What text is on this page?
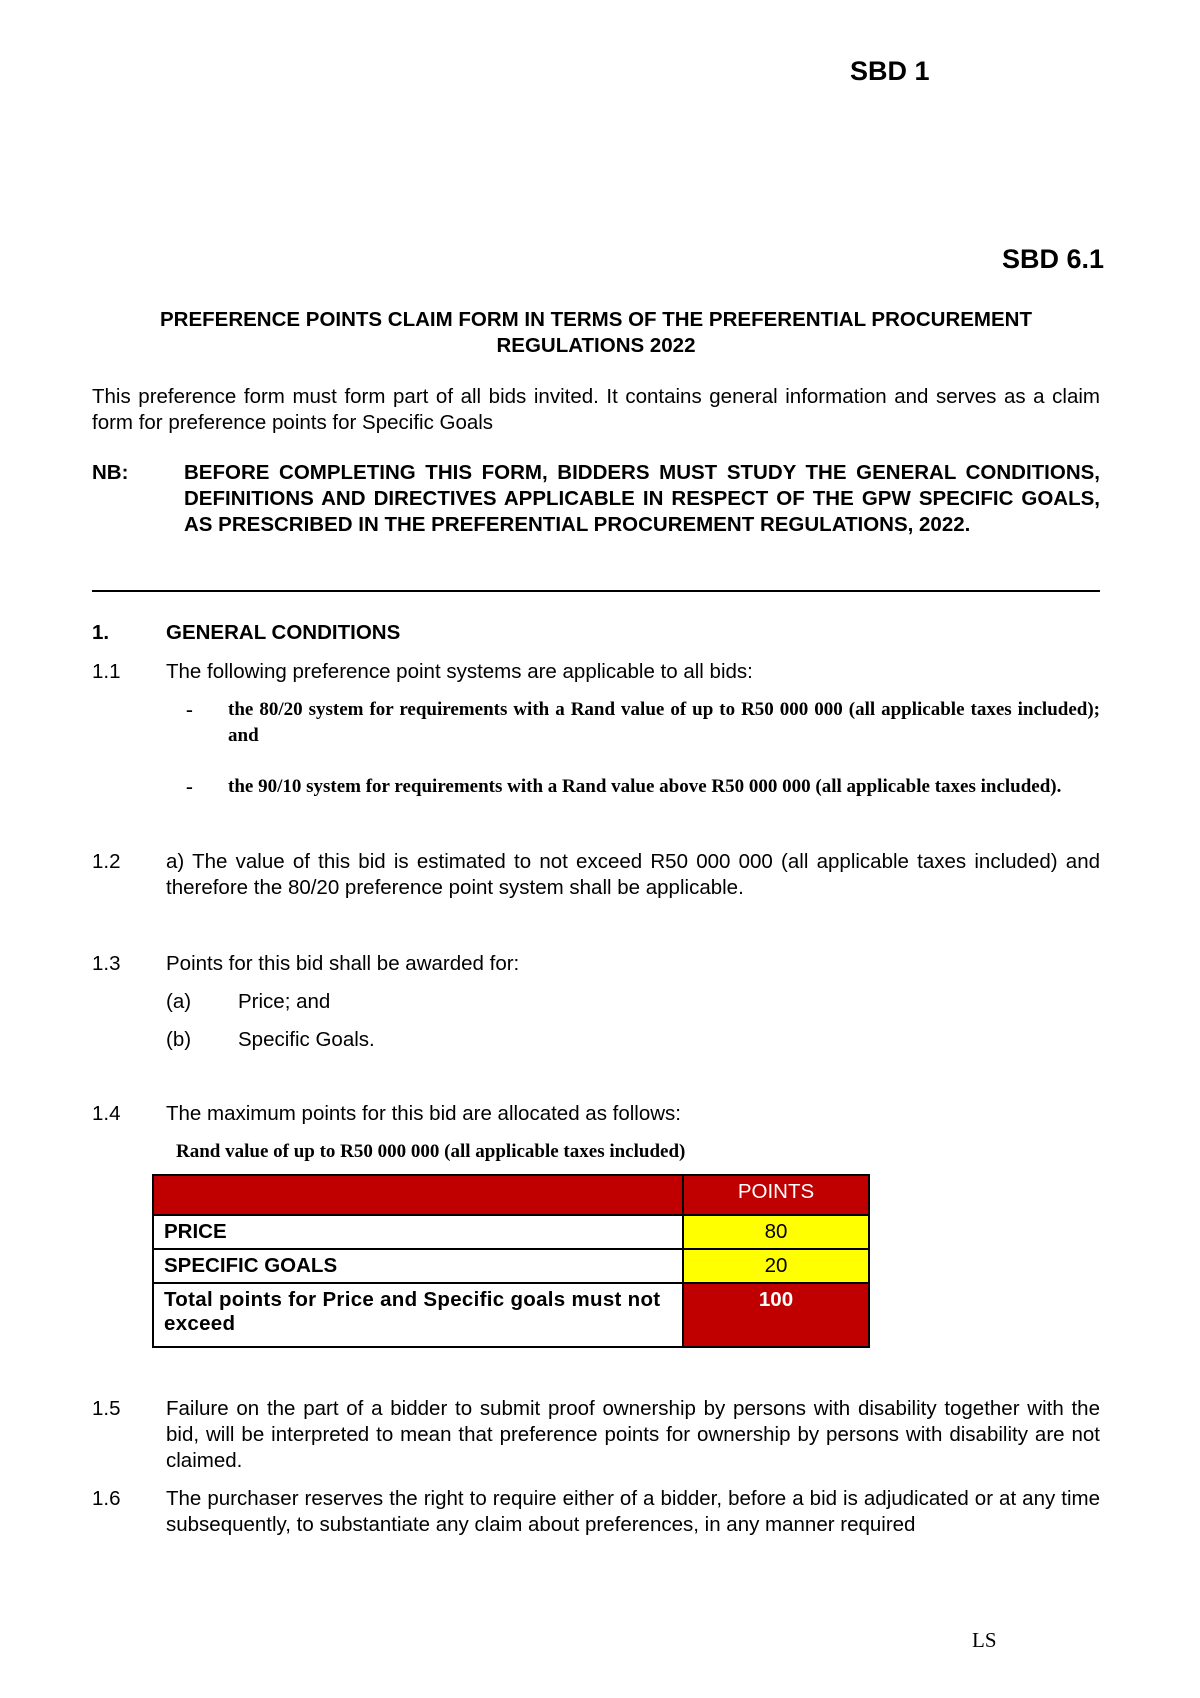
SBD 1
SBD 6.1
PREFERENCE POINTS CLAIM FORM IN TERMS OF THE PREFERENTIAL PROCUREMENT REGULATIONS 2022
This preference form must form part of all bids invited. It contains general information and serves as a claim form for preference points for Specific Goals
NB:	BEFORE COMPLETING THIS FORM, BIDDERS MUST STUDY THE GENERAL CONDITIONS, DEFINITIONS AND DIRECTIVES APPLICABLE IN RESPECT OF THE GPW SPECIFIC GOALS, AS PRESCRIBED IN THE PREFERENTIAL PROCUREMENT REGULATIONS, 2022.
1.	GENERAL CONDITIONS
1.1 The following preference point systems are applicable to all bids:
- the 80/20 system for requirements with a Rand value of up to R50 000 000 (all applicable taxes included); and
- the 90/10 system for requirements with a Rand value above R50 000 000 (all applicable taxes included).
1.2 a) The value of this bid is estimated to not exceed R50 000 000 (all applicable taxes included) and therefore the 80/20 preference point system shall be applicable.
1.3 Points for this bid shall be awarded for:
(a) Price; and
(b) Specific Goals.
1.4 The maximum points for this bid are allocated as follows:
Rand value of up to R50 000 000 (all applicable taxes included)
	POINTS
PRICE	80
SPECIFIC GOALS	20
Total points for Price and Specific goals must not exceed	100
1.5 Failure on the part of a bidder to submit proof ownership by persons with disability together with the bid, will be interpreted to mean that preference points for ownership by persons with disability are not claimed.
1.6 The purchaser reserves the right to require either of a bidder, before a bid is adjudicated or at any time subsequently, to substantiate any claim about preferences, in any manner required
LS
